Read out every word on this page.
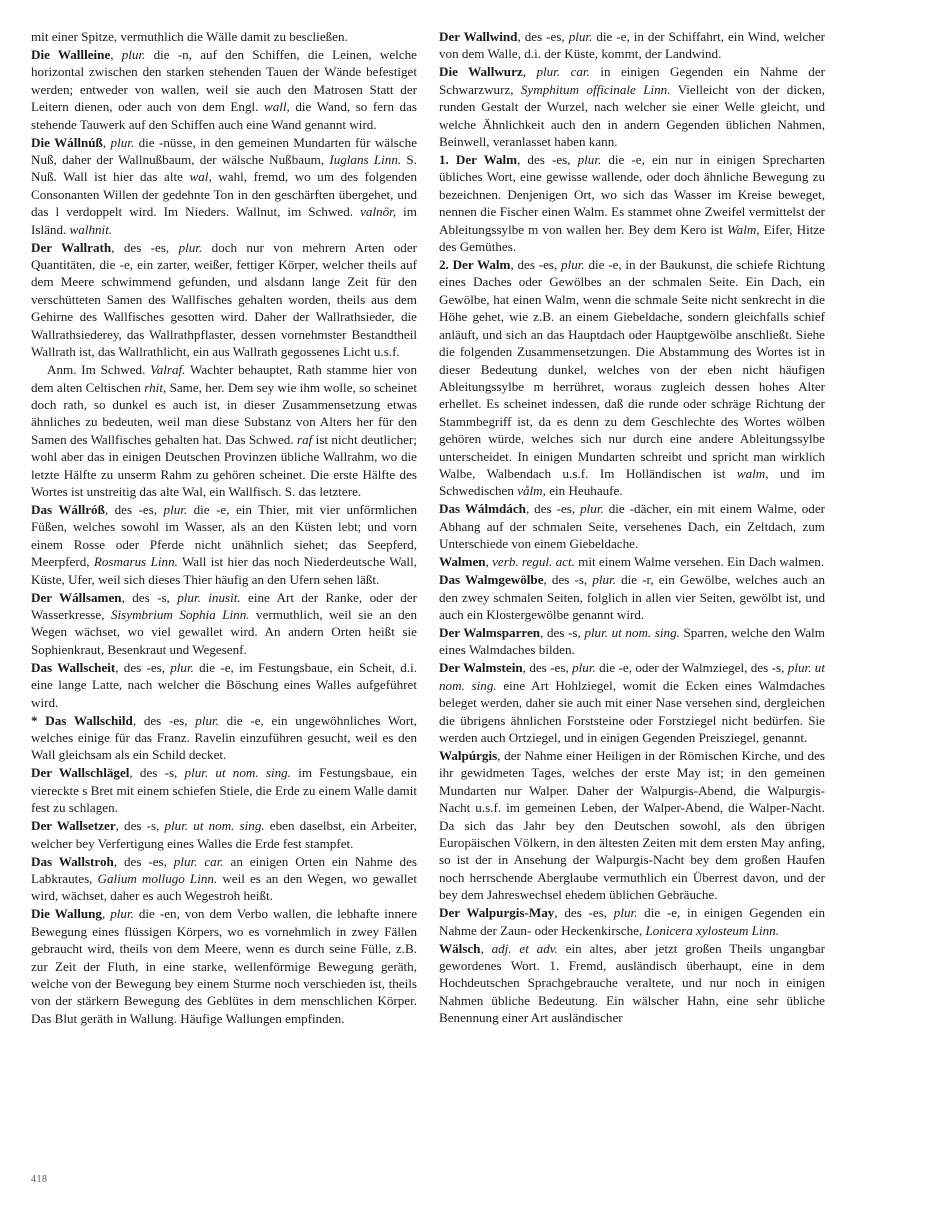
mit einer Spitze, vermuthlich die Wälle damit zu bescließen.
Die Wallleine, plur. die -n, auf den Schiffen, die Leinen, welche horizontal zwischen den starken stehenden Tauen der Wände befestiget werden; entweder von wallen, weil sie auch den Matrosen Statt der Leitern dienen, oder auch von dem Engl. wall, die Wand, so fern das stehende Tauwerk auf den Schiffen auch eine Wand genannt wird.
Die Wállnúß, plur. die -nüsse, in den gemeinen Mundarten für wälsche Nuß, daher der Wallnußbaum, der wälsche Nußbaum, Iuglans Linn. S. Nuß. Wall ist hier das alte wal, wahl, fremd, wo um des folgenden Consonanten Willen der gedehnte Ton in den geschärften übergehet, und das l verdoppelt wird. Im Nieders. Wallnut, im Schwed. valnör, im Isländ. walhnit.
Der Wallrath, des -es, plur. doch nur von mehrern Arten oder Quantitäten, die -e, ein zarter, weißer, fettiger Körper, welcher theils auf dem Meere schwimmend gefunden, und alsdann lange Zeit für den verschütteten Samen des Wallfisches gehalten worden, theils aus dem Gehirne des Wallfisches gesotten wird. Daher der Wallrathsieder, die Wallrathsiederey, das Wallrathpflaster, dessen vornehmster Bestandtheil Wallrath ist, das Wallrathlicht, ein aus Wallrath gegossenes Licht u.s.f.
Anm. Im Schwed. Valraf. Wachter behauptet, Rath stamme hier von dem alten Celtischen rhit, Same, her. Dem sey wie ihm wolle, so scheinet doch rath, so dunkel es auch ist, in dieser Zusammensetzung etwas ähnliches zu bedeuten, weil man diese Substanz von Alters her für den Samen des Wallfisches gehalten hat. Das Schwed. raf ist nicht deutlicher; wohl aber das in einigen Deutschen Provinzen übliche Wallrahm, wo die letzte Hälfte zu unserm Rahm zu gehören scheinet. Die erste Hälfte des Wortes ist unstreitig das alte Wal, ein Wallfisch. S. das letztere.
Das Wállróß, des -es, plur. die -e, ein Thier, mit vier unförmlichen Füßen, welches sowohl im Wasser, als an den Küsten lebt; und vorn einem Rosse oder Pferde nicht unähnlich siehet; das Seepferd, Meerpferd, Rosmarus Linn. Wall ist hier das noch Niederdeutsche Wall, Küste, Ufer, weil sich dieses Thier häufig an den Ufern sehen läßt.
Der Wállsamen, des -s, plur. inusit. eine Art der Ranke, oder der Wasserkresse, Sisymbrium Sophia Linn. vermuthlich, weil sie an den Wegen wächset, wo viel gewallet wird. An andern Orten heißt sie Sophienkraut, Besenkraut und Wegesenf.
Das Wallscheit, des -es, plur. die -e, im Festungsbaue, ein Scheit, d.i. eine lange Latte, nach welcher die Böschung eines Walles aufgeführet wird.
* Das Wallschild, des -es, plur. die -e, ein ungewöhnliches Wort, welches einige für das Franz. Ravelin einzuführen gesucht, weil es den Wall gleichsam als ein Schild decket.
Der Wallschlägel, des -s, plur. ut nom. sing. im Festungsbaue, ein viereckte s Bret mit einem schiefen Stiele, die Erde zu einem Walle damit fest zu schlagen.
Der Wallsetzer, des -s, plur. ut nom. sing. eben daselbst, ein Arbeiter, welcher bey Verfertigung eines Walles die Erde fest stampfet.
Das Wallstroh, des -es, plur. car. an einigen Orten ein Nahme des Labkrautes, Galium mollugo Linn. weil es an den Wegen, wo gewallet wird, wächset, daher es auch Wegestroh heißt.
Die Wallung, plur. die -en, von dem Verbo wallen, die lebhafte innere Bewegung eines flüssigen Körpers, wo es vornehmlich in zwey Fällen gebraucht wird, theils von dem Meere, wenn es durch seine Fülle, z.B. zur Zeit der Fluth, in eine starke, wellenförmige Bewegung geräth, welche von der Bewegung bey einem Sturme noch verschieden ist, theils von der stärkern Bewegung des Geblütes in dem menschlichen Körper. Das Blut geräth in Wallung. Häufige Wallungen empfinden.
Der Wallwind, des -es, plur. die -e, in der Schiffahrt, ein Wind, welcher von dem Walle, d.i. der Küste, kommt, der Landwind.
Die Wallwurz, plur. car. in einigen Gegenden ein Nahme der Schwarzwurz, Symphitum officinale Linn. Vielleicht von der dicken, runden Gestalt der Wurzel, nach welcher sie einer Welle gleicht, und welche Ähnlichkeit auch den in andern Gegenden üblichen Nahmen, Beinwell, veranlasset haben kann.
1. Der Walm, des -es, plur. die -e, ein nur in einigen Sprecharten übliches Wort, eine gewisse wallende, oder doch ähnliche Bewegung zu bezeichnen. Denjenigen Ort, wo sich das Wasser im Kreise beweget, nennen die Fischer einen Walm. Es stammet ohne Zweifel vermittelst der Ableitungssylbe m von wallen her. Bey dem Kero ist Walm, Eifer, Hitze des Gemüthes.
2. Der Walm, des -es, plur. die -e, in der Baukunst, die schiefe Richtung eines Daches oder Gewölbes an der schmalen Seite. Ein Dach, ein Gewölbe, hat einen Walm, wenn die schmale Seite nicht senkrecht in die Höhe gehet, wie z.B. an einem Giebeldache, sondern gleichfalls schief anläuft, und sich an das Hauptdach oder Hauptgewölbe anschließt. Siehe die folgenden Zusammensetzungen. Die Abstammung des Wortes ist in dieser Bedeutung dunkel, welches von der eben nicht häufigen Ableitungssylbe m herrühret, woraus zugleich dessen hohes Alter erhellet. Es scheinet indessen, daß die runde oder schräge Richtung der Stammbegriff ist, da es denn zu dem Geschlechte des Wortes wölben gehören würde, welches sich nur durch eine andere Ableitungssylbe unterscheidet. In einigen Mundarten schreibt und spricht man wirklich Walbe, Walbendach u.s.f. Im Holländischen ist walm, und im Schwedischen vålm, ein Heuhaufe.
Das Wálmdách, des -es, plur. die -dächer, ein mit einem Walme, oder Abhang auf der schmalen Seite, versehenes Dach, ein Zeltdach, zum Unterschiede von einem Giebeldache.
Walmen, verb. regul. act. mit einem Walme versehen. Ein Dach walmen.
Das Walmgewölbe, des -s, plur. die -r, ein Gewölbe, welches auch an den zwey schmalen Seiten, folglich in allen vier Seiten, gewölbt ist, und auch ein Klostergewölbe genannt wird.
Der Walmsparren, des -s, plur. ut nom. sing. Sparren, welche den Walm eines Walmdaches bilden.
Der Walmstein, des -es, plur. die -e, oder der Walmziegel, des -s, plur. ut nom. sing. eine Art Hohlziegel, womit die Ecken eines Walmdaches beleget werden, daher sie auch mit einer Nase versehen sind, dergleichen die übrigens ähnlichen Forststeine oder Forstziegel nicht bedürfen. Sie werden auch Ortziegel, und in einigen Gegenden Preisziegel, genannt.
Walpúrgis, der Nahme einer Heiligen in der Römischen Kirche, und des ihr gewidmeten Tages, welches der erste May ist; in den gemeinen Mundarten nur Walper. Daher der Walpurgis-Abend, die Walpurgis-Nacht u.s.f. im gemeinen Leben, der Walper-Abend, die Walper-Nacht. Da sich das Jahr bey den Deutschen sowohl, als den übrigen Europäischen Völkern, in den ältesten Zeiten mit dem ersten May anfing, so ist der in Ansehung der Walpurgis-Nacht bey dem großen Haufen noch herrschende Aberglaube vermuthlich ein Überrest davon, und der bey dem Jahreswechsel ehedem üblichen Gebräuche.
Der Walpurgis-May, des -es, plur. die -e, in einigen Gegenden ein Nahme der Zaun- oder Heckenkirsche, Lonicera xylosteum Linn.
Wälsch, adj. et adv. ein altes, aber jetzt großen Theils ungangbar gewordenes Wort. 1. Fremd, ausländisch überhaupt, eine in dem Hochdeutschen Sprachgebrauche veraltete, und nur noch in einigen Nahmen übliche Bedeutung. Ein wälscher Hahn, eine sehr übliche Benennung einer Art ausländischer
418
